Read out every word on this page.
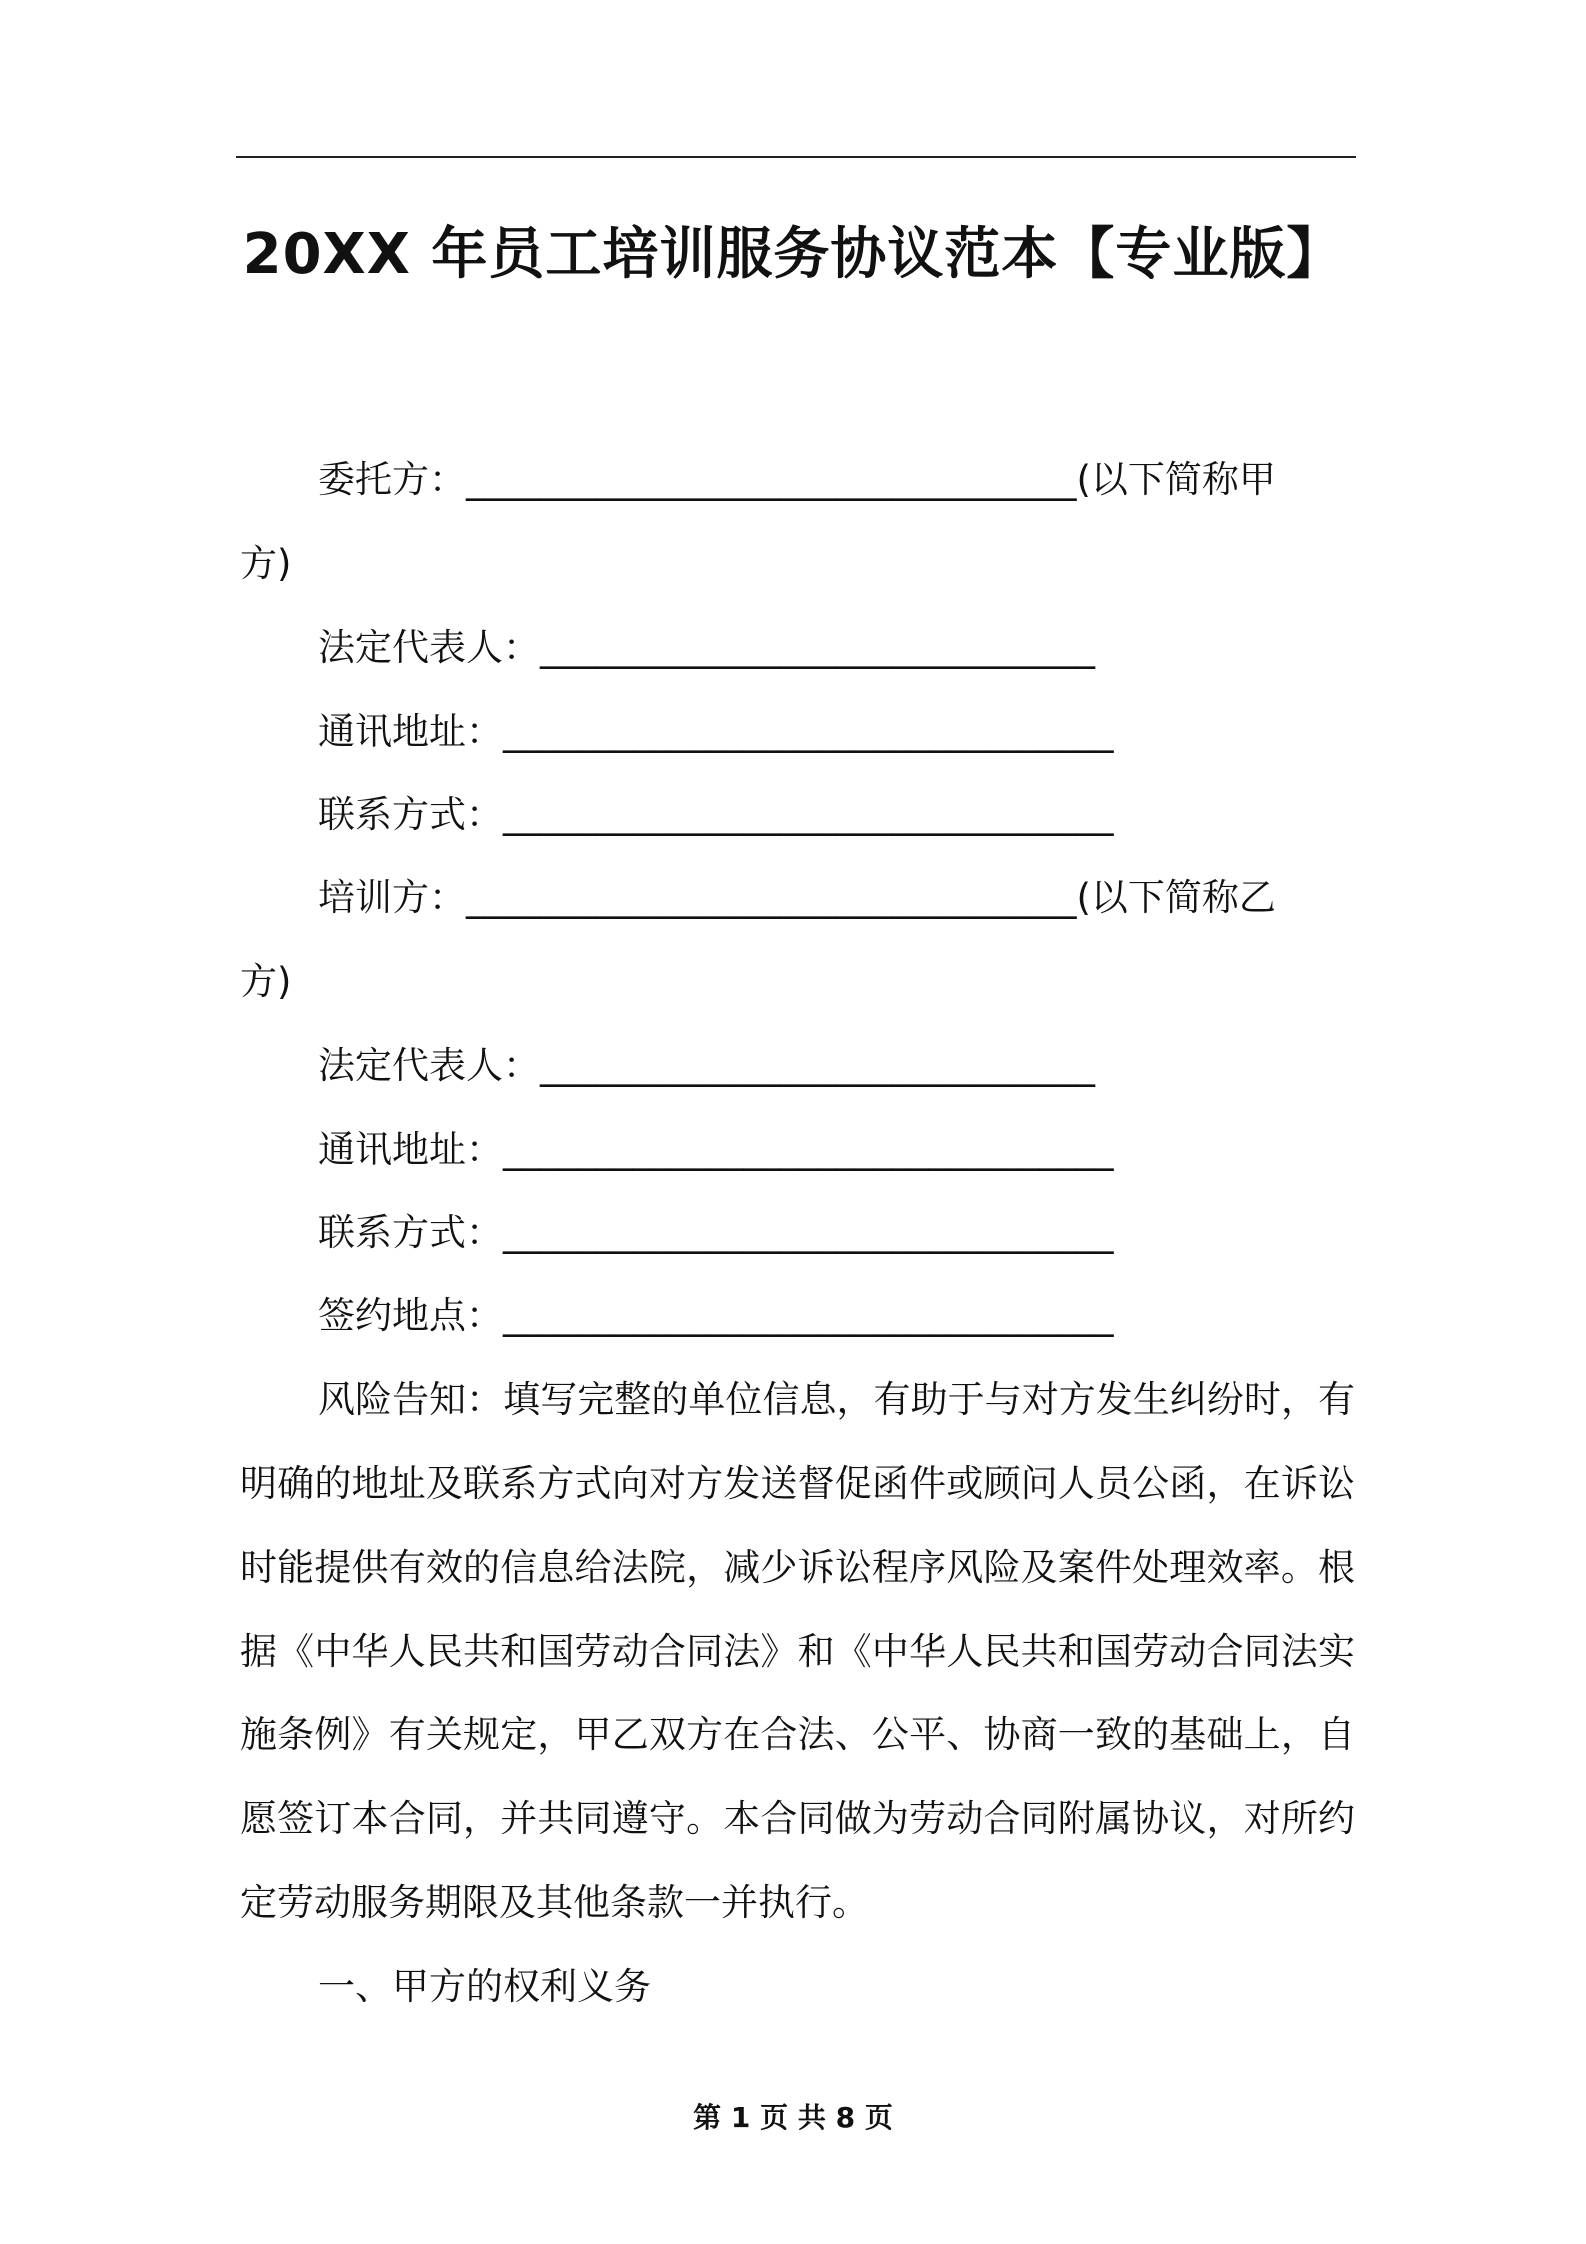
20XX 年员工培训服务协议范本【专业版】
委托方：_________________________________(以下简称甲
方)
法定代表人：______________________________
通讯地址：_________________________________
联系方式：_________________________________
培训方：_________________________________(以下简称乙
方)
法定代表人：______________________________
通讯地址：_________________________________
联系方式：_________________________________
签约地点：_________________________________
风险告知：填写完整的单位信息，有助于与对方发生纠纷时，有
明确的地址及联系方式向对方发送督促函件或顾问人员公函，在诉讼
时能提供有效的信息给法院，减少诉讼程序风险及案件处理效率。根
据《中华人民共和国劳动合同法》和《中华人民共和国劳动合同法实
施条例》有关规定，甲乙双方在合法、公平、协商一致的基础上，自
愿签订本合同，并共同遵守。本合同做为劳动合同附属协议，对所约
定劳动服务期限及其他条款一并执行。
一、甲方的权利义务
第 1 页 共 8 页
